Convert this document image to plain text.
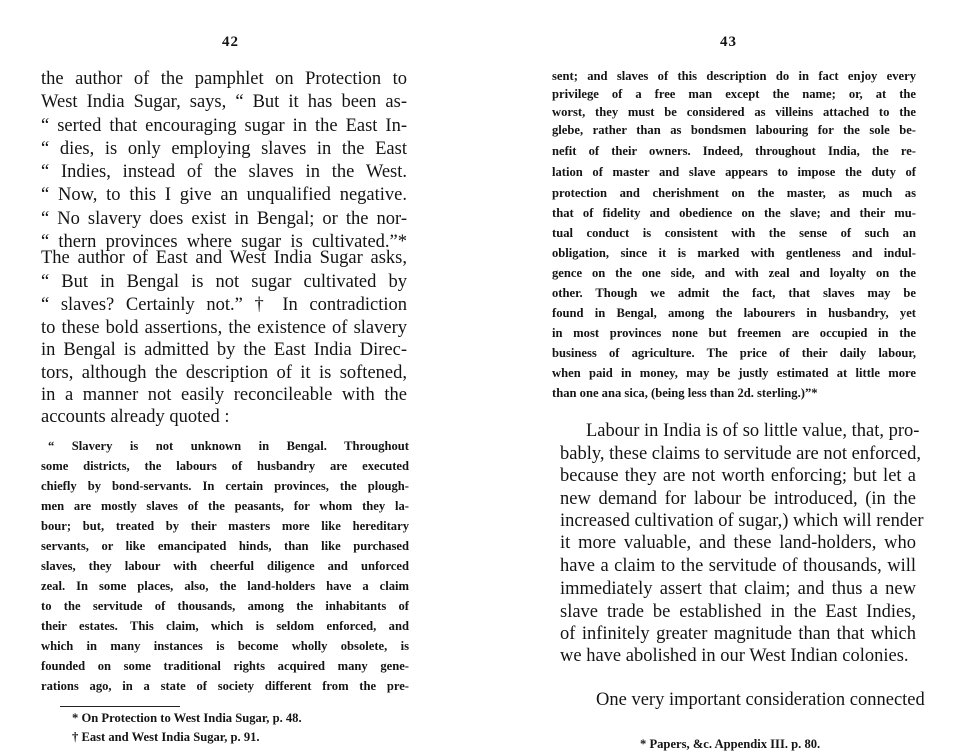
42
the author of the pamphlet on Protection to
West India Sugar, says, “ But it has been as-
“ serted that encouraging sugar in the East In-
“ dies, is only employing slaves in the East
“ Indies, instead of the slaves in the West.
“ Now, to this I give an unqualified negative.
“ No slavery does exist in Bengal; or the nor-
“ thern provinces where sugar is cultivated.”*
The author of East and West India Sugar asks,
“ But in Bengal is not sugar cultivated by
“ slaves? Certainly not.” † In contradiction
to these bold assertions, the existence of slavery
in Bengal is admitted by the East India Direc-
tors, although the description of it is softened,
in a manner not easily reconcileable with the
accounts already quoted :
“ Slavery is not unknown in Bengal. Throughout
some districts, the labours of husbandry are executed
chiefly by bond-servants. In certain provinces, the plough-
men are mostly slaves of the peasants, for whom they la-
bour; but, treated by their masters more like hereditary
servants, or like emancipated hinds, than like purchased
slaves, they labour with cheerful diligence and unforced
zeal. In some places, also, the land-holders have a claim
to the servitude of thousands, among the inhabitants of
their estates. This claim, which is seldom enforced, and
which in many instances is become wholly obsolete, is
founded on some traditional rights acquired many gene-
rations ago, in a state of society different from the pre-
* On Protection to West India Sugar, p. 48.
† East and West India Sugar, p. 91.
43
sent; and slaves of this description do in fact enjoy every
privilege of a free man except the name; or, at the
worst, they must be considered as villeins attached to the
glebe, rather than as bondsmen labouring for the sole be-
nefit of their owners. Indeed, throughout India, the re-
lation of master and slave appears to impose the duty of
protection and cherishment on the master, as much as
that of fidelity and obedience on the slave; and their mu-
tual conduct is consistent with the sense of such an
obligation, since it is marked with gentleness and indul-
gence on the one side, and with zeal and loyalty on the
other. Though we admit the fact, that slaves may be
found in Bengal, among the labourers in husbandry, yet
in most provinces none but freemen are occupied in the
business of agriculture. The price of their daily labour,
when paid in money, may be justly estimated at little more
than one ana sica, (being less than 2d. sterling.)”*
Labour in India is of so little value, that, pro-
bably, these claims to servitude are not enforced,
because they are not worth enforcing; but let a
new demand for labour be introduced, (in the
increased cultivation of sugar,) which will render
it more valuable, and these land-holders, who
have a claim to the servitude of thousands, will
immediately assert that claim; and thus a new
slave trade be established in the East Indies,
of infinitely greater magnitude than that which
we have abolished in our West Indian colonies.
One very important consideration connected
* Papers, &c. Appendix III. p. 80.
